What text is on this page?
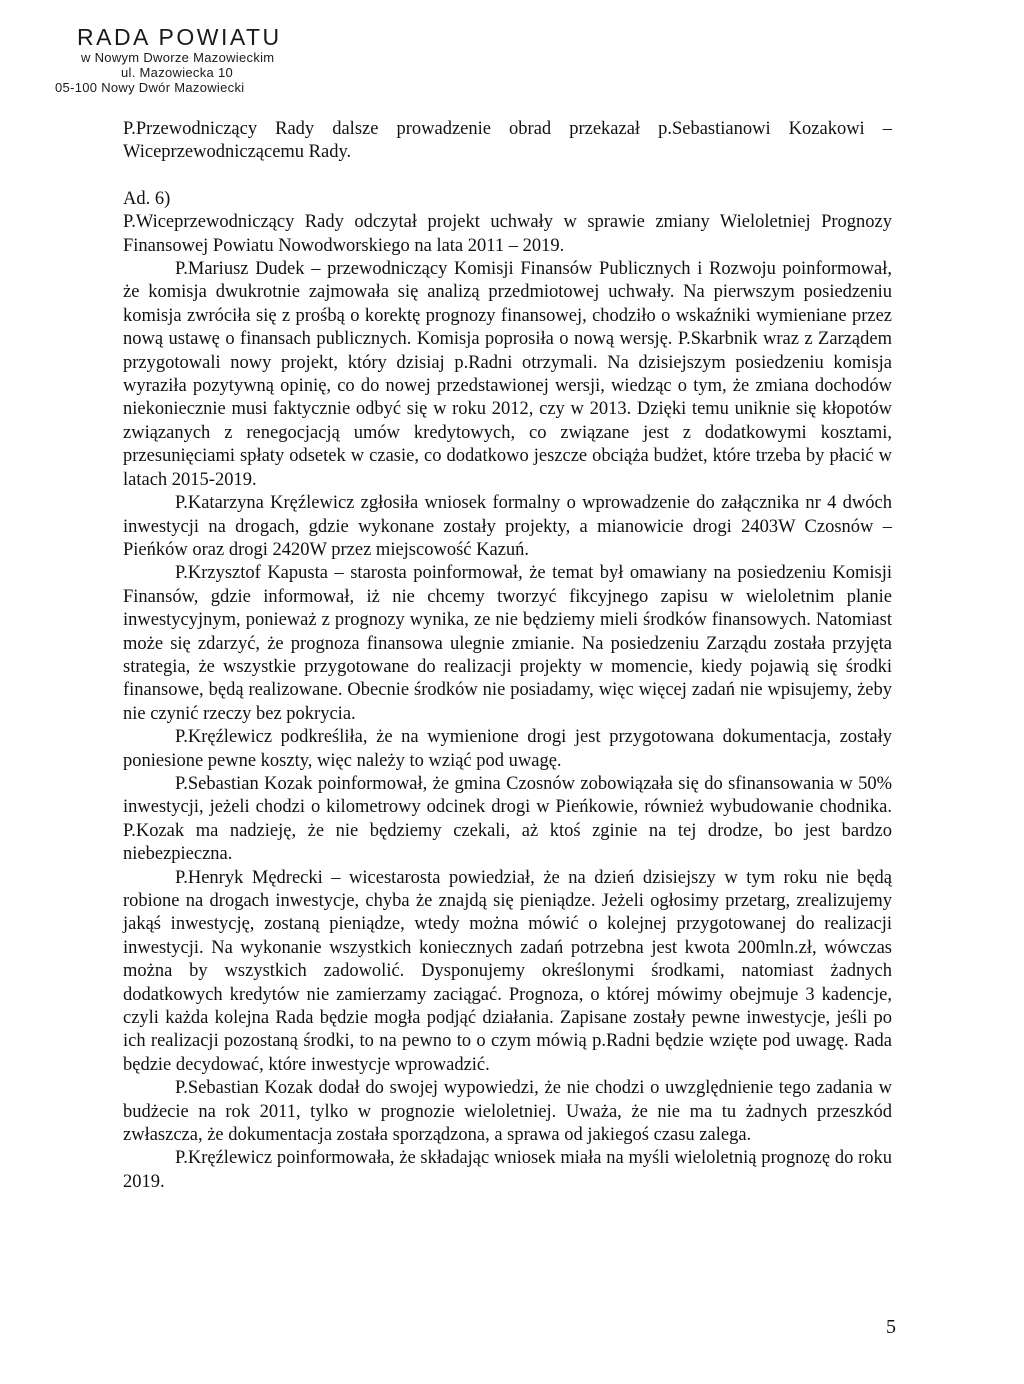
RADA POWIATU
w Nowym Dworze Mazowieckim
ul. Mazowiecka 10
05-100 Nowy Dwór Mazowiecki

P.Przewodniczący Rady dalsze prowadzenie obrad przekazał p.Sebastianowi Kozakowi – Wiceprzewodniczącemu Rady.

Ad. 6)

P.Wiceprzewodniczący Rady odczytał projekt uchwały w sprawie zmiany Wieloletniej Prognozy Finansowej Powiatu Nowodworskiego na lata 2011 – 2019.

P.Mariusz Dudek – przewodniczący Komisji Finansów Publicznych i Rozwoju poinformował, że komisja dwukrotnie zajmowała się analizą przedmiotowej uchwały. Na pierwszym posiedzeniu komisja zwróciła się z prośbą o korektę prognozy finansowej, chodziło o wskaźniki wymieniane przez nową ustawę o finansach publicznych. Komisja poprosiła o nową wersję. P.Skarbnik wraz z Zarządem przygotowali nowy projekt, który dzisiaj p.Radni otrzymali. Na dzisiejszym posiedzeniu komisja wyraziła pozytywną opinię, co do nowej przedstawionej wersji, wiedząc o tym, że zmiana dochodów niekoniecznie musi faktycznie odbyć się w roku 2012, czy w 2013. Dzięki temu uniknie się kłopotów związanych z renegocjacją umów kredytowych, co związane jest z dodatkowymi kosztami, przesunięciami spłaty odsetek w czasie, co dodatkowo jeszcze obciąża budżet, które trzeba by płacić w latach 2015-2019.

P.Katarzyna Kręźlewicz zgłosiła wniosek formalny o wprowadzenie do załącznika nr 4 dwóch inwestycji na drogach, gdzie wykonane zostały projekty, a mianowicie drogi 2403W Czosnów – Pieńków oraz drogi 2420W przez miejscowość Kazuń.

P.Krzysztof Kapusta – starosta poinformował, że temat był omawiany na posiedzeniu Komisji Finansów, gdzie informował, iż nie chcemy tworzyć fikcyjnego zapisu w wieloletnim planie inwestycyjnym, ponieważ z prognozy wynika, ze nie będziemy mieli środków finansowych. Natomiast może się zdarzyć, że prognoza finansowa ulegnie zmianie. Na posiedzeniu Zarządu została przyjęta strategia, że wszystkie przygotowane do realizacji projekty w momencie, kiedy pojawią się środki finansowe, będą realizowane. Obecnie środków nie posiadamy, więc więcej zadań nie wpisujemy, żeby nie czynić rzeczy bez pokrycia.

P.Kręźlewicz podkreśliła, że na wymienione drogi jest przygotowana dokumentacja, zostały poniesione pewne koszty, więc należy to wziąć pod uwagę.

P.Sebastian Kozak poinformował, że gmina Czosnów zobowiązała się do sfinansowania w 50% inwestycji, jeżeli chodzi o kilometrowy odcinek drogi w Pieńkowie, również wybudowanie chodnika. P.Kozak ma nadzieję, że nie będziemy czekali, aż ktoś zginie na tej drodze, bo jest bardzo niebezpieczna.

P.Henryk Mędrecki – wicestarosta powiedział, że na dzień dzisiejszy w tym roku nie będą robione na drogach inwestycje, chyba że znajdą się pieniądze. Jeżeli ogłosimy przetarg, zrealizujemy jakąś inwestycję, zostaną pieniądze, wtedy można mówić o kolejnej przygotowanej do realizacji inwestycji. Na wykonanie wszystkich koniecznych zadań potrzebna jest kwota 200mln.zł, wówczas można by wszystkich zadowolić. Dysponujemy określonymi środkami, natomiast żadnych dodatkowych kredytów nie zamierzamy zaciągać. Prognoza, o której mówimy obejmuje 3 kadencje, czyli każda kolejna Rada będzie mogła podjąć działania. Zapisane zostały pewne inwestycje, jeśli po ich realizacji pozostaną środki, to na pewno to o czym mówią p.Radni będzie wzięte pod uwagę. Rada będzie decydować, które inwestycje wprowadzić.

P.Sebastian Kozak dodał do swojej wypowiedzi, że nie chodzi o uwzględnienie tego zadania w budżecie na rok 2011, tylko w prognozie wieloletniej. Uważa, że nie ma tu żadnych przeszkód zwłaszcza, że dokumentacja została sporządzona, a sprawa od jakiegoś czasu zalega.

P.Kręźlewicz poinformowała, że składając wniosek miała na myśli wieloletnią prognozę do roku 2019.

5
